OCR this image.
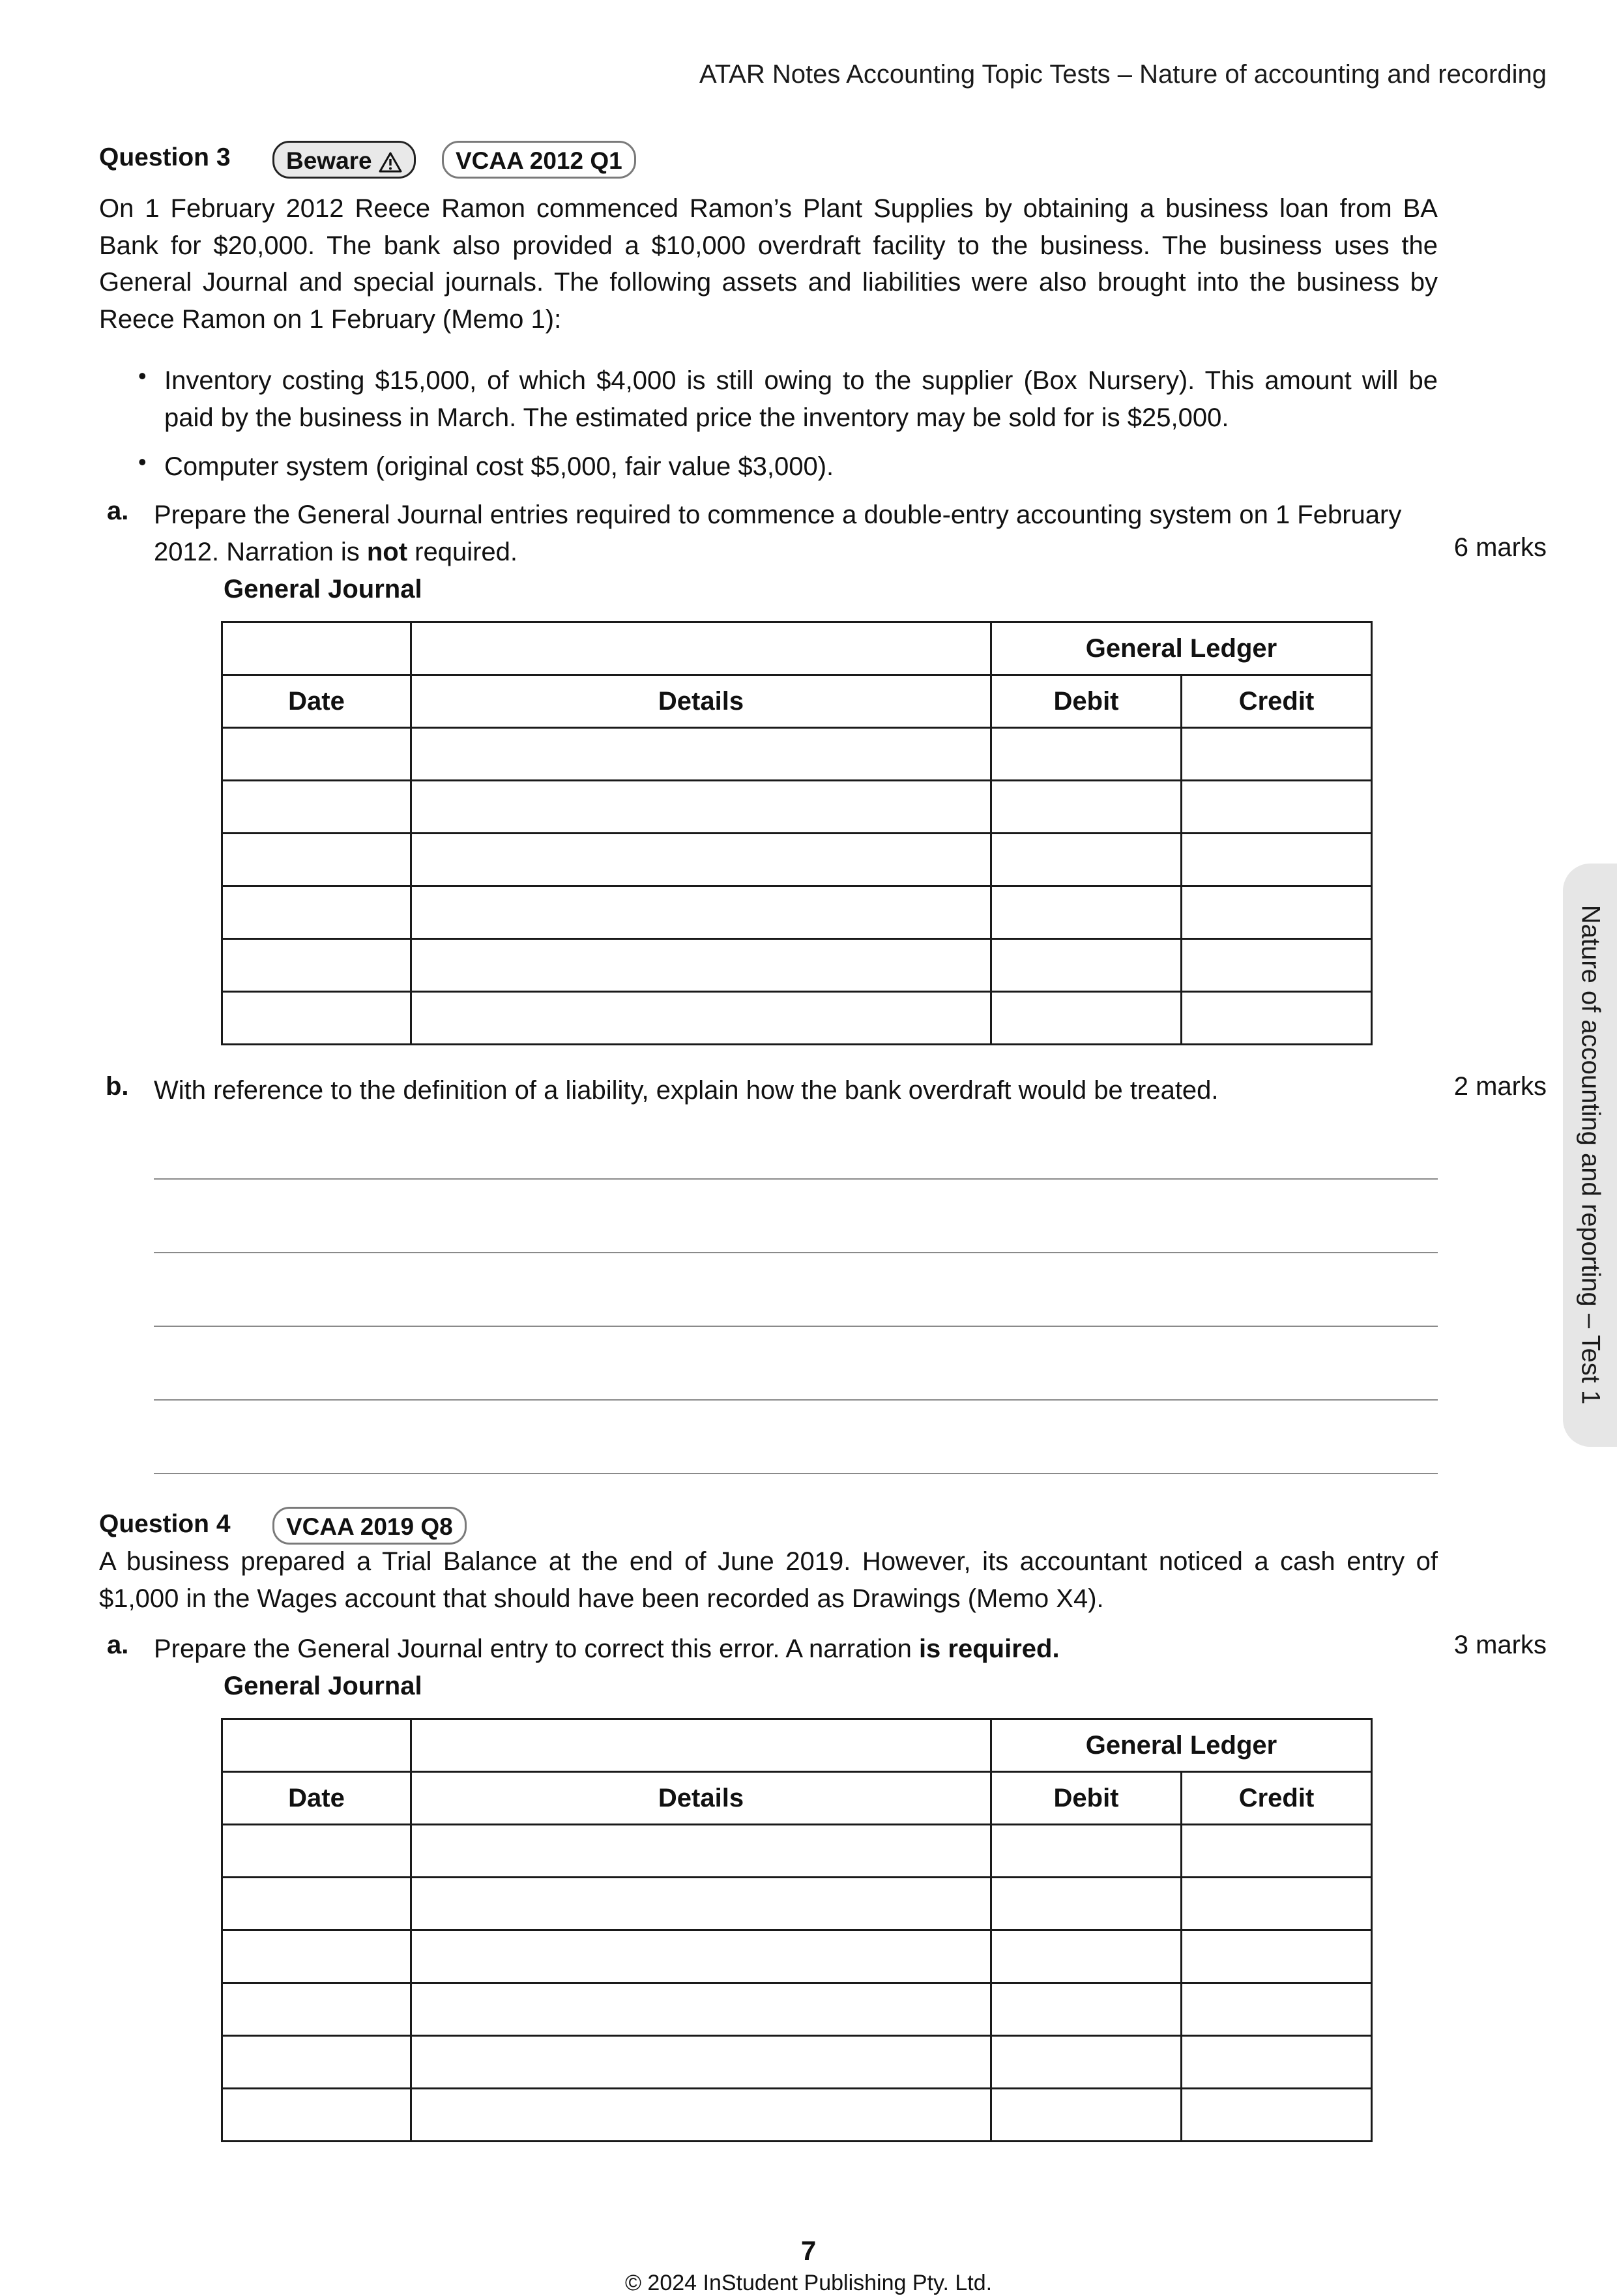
ATAR Notes Accounting Topic Tests – Nature of accounting and recording
Question 3	Beware	VCAA 2012 Q1
On 1 February 2012 Reece Ramon commenced Ramon’s Plant Supplies by obtaining a business loan from BA Bank for $20,000. The bank also provided a $10,000 overdraft facility to the business. The business uses the General Journal and special journals. The following assets and liabilities were also brought into the business by Reece Ramon on 1 February (Memo 1):
• Inventory costing $15,000, of which $4,000 is still owing to the supplier (Box Nursery). This amount will be paid by the business in March. The estimated price the inventory may be sold for is $25,000.
• Computer system (original cost $5,000, fair value $3,000).
a. Prepare the General Journal entries required to commence a double-entry accounting system on 1 February 2012. Narration is not required.	6 marks
General Journal
		General Ledger	
Date	Details	Debit	Credit

b. With reference to the definition of a liability, explain how the bank overdraft would be treated.	2 marks
Question 4	VCAA 2019 Q8
A business prepared a Trial Balance at the end of June 2019. However, its accountant noticed a cash entry of $1,000 in the Wages account that should have been recorded as Drawings (Memo X4).
a. Prepare the General Journal entry to correct this error. A narration is required.	3 marks
General Journal
		General Ledger	
Date	Details	Debit	Credit

Nature of accounting and reporting – Test 1
7
© 2024 InStudent Publishing Pty. Ltd.
